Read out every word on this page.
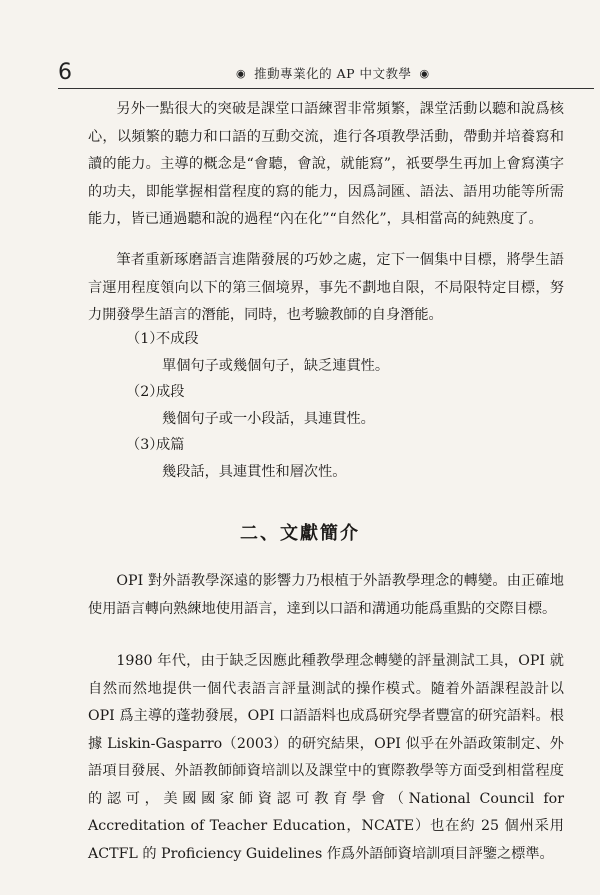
6	◉ 推動專業化的 AP 中文教學 ◉

另外一點很大的突破是課堂口語練習非常頻繁，課堂活動以聽和說爲核心，以頻繁的聽力和口語的互動交流，進行各項教學活動，帶動并培養寫和讀的能力。主導的概念是“會聽，會說，就能寫”，祇要學生再加上會寫漢字的功夫，即能掌握相當程度的寫的能力，因爲詞匯、語法、語用功能等所需能力，皆已通過聽和說的過程“內在化”“自然化”，具相當高的純熟度了。

筆者重新琢磨語言進階發展的巧妙之處，定下一個集中目標，將學生語言運用程度領向以下的第三個境界，事先不劃地自限，不局限特定目標，努力開發學生語言的潛能，同時，也考驗教師的自身潛能。

（1）不成段

單個句子或幾個句子，缺乏連貫性。

（2）成段

幾個句子或一小段話，具連貫性。

（3）成篇

幾段話，具連貫性和層次性。

二、文獻簡介

OPI 對外語教學深遠的影響力乃根植于外語教學理念的轉變。由正確地使用語言轉向熟練地使用語言，達到以口語和溝通功能爲重點的交際目標。

1980 年代，由于缺乏因應此種教學理念轉變的評量測試工具，OPI 就自然而然地提供一個代表語言評量測試的操作模式。隨着外語課程設計以 OPI 爲主導的蓬勃發展，OPI 口語語料也成爲研究學者豐富的研究語料。根據 Liskin-Gasparro（2003）的研究結果，OPI 似乎在外語政策制定、外語項目發展、外語教師師資培訓以及課堂中的實際教學等方面受到相當程度的認可，美國國家師資認可教育學會（National Council for Accreditation of Teacher Education，NCATE）也在約 25 個州采用 ACTFL 的 Proficiency Guidelines 作爲外語師資培訓項目評鑒之標準。
